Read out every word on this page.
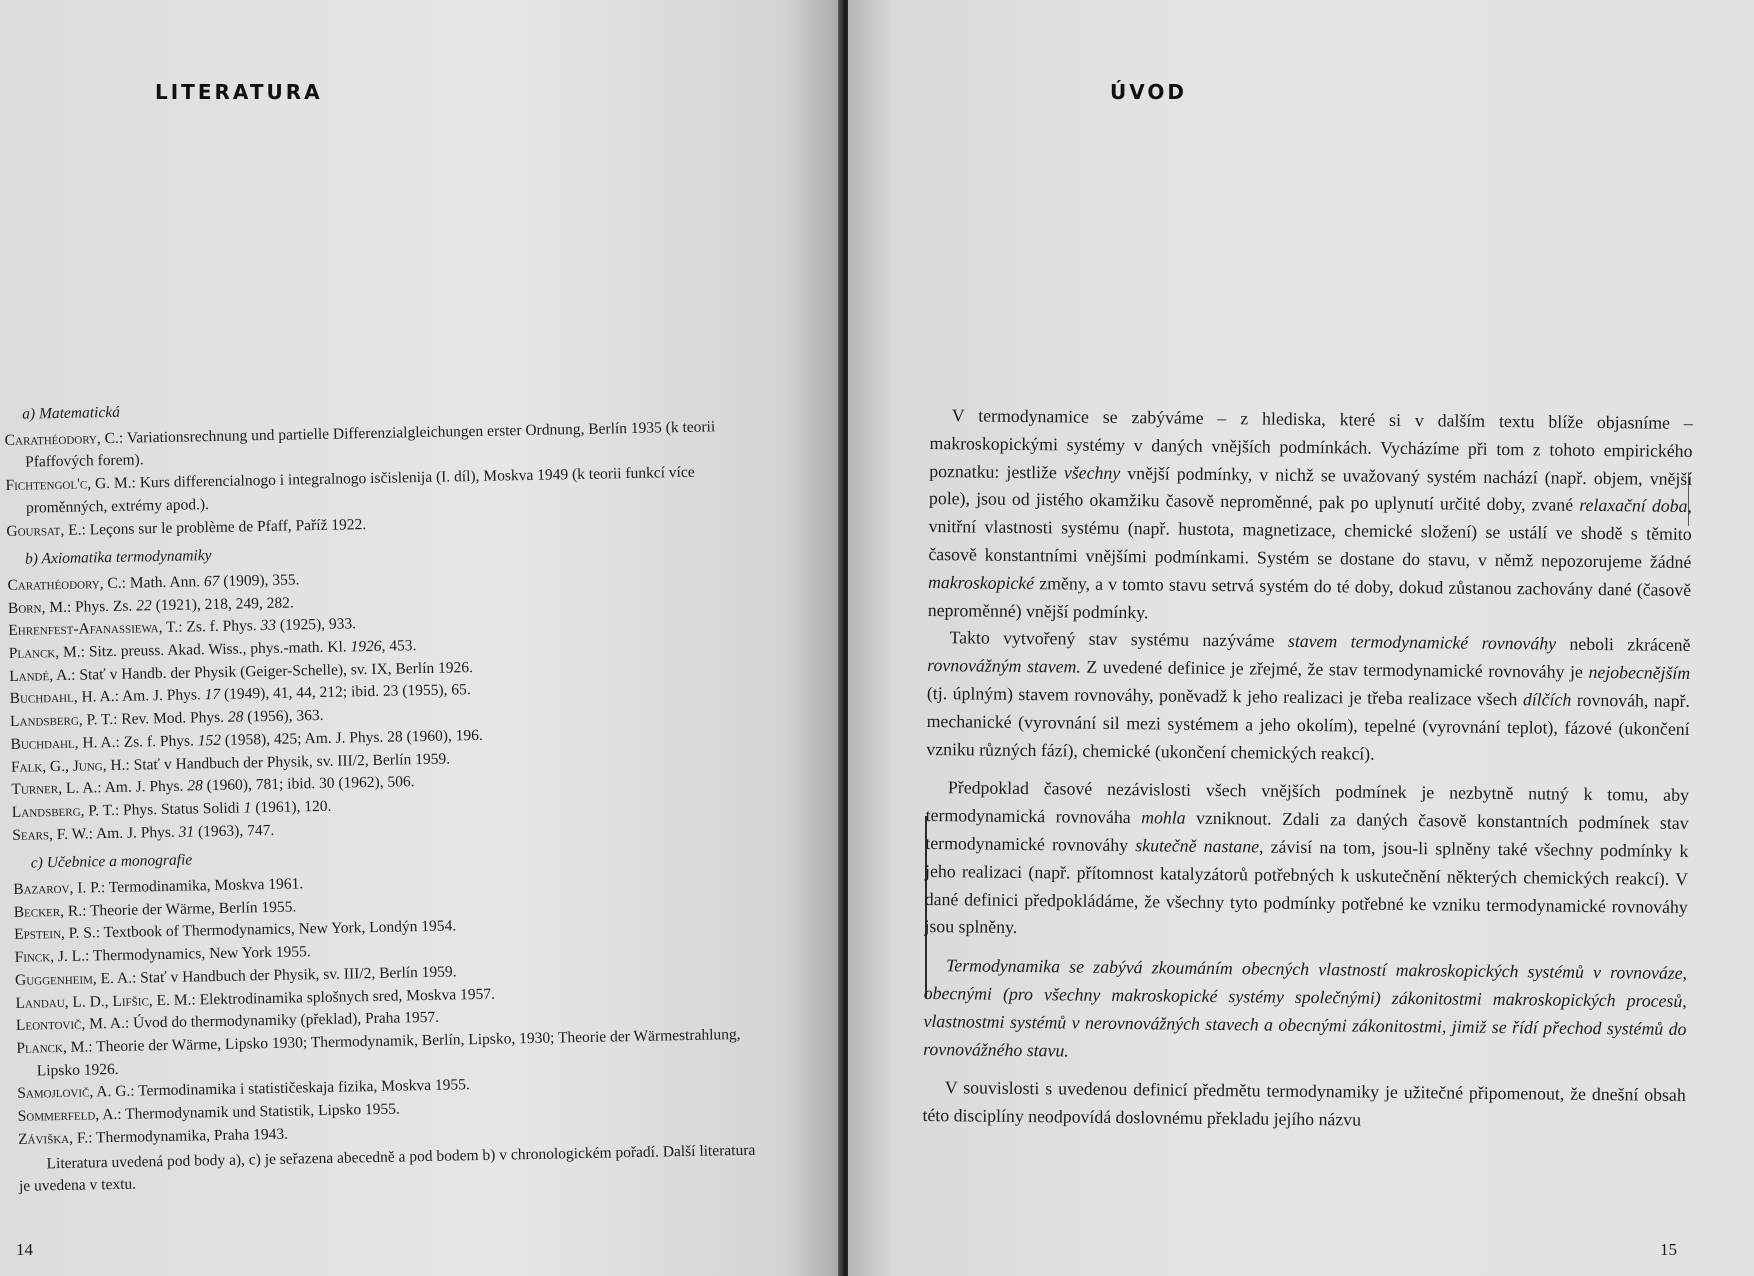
LITERATURA
a) Matematická
Carathéodory, C.: Variationsrechnung und partielle Differenzialgleichungen erster Ordnung, Berlín 1935 (k teorii Pfaffových forem).
Fichtengol'c, G. M.: Kurs differencialnogo i integralnogo isčislenija (I. díl), Moskva 1949 (k teorii funkcí více proměnných, extrémy apod.).
Goursat, E.: Leçons sur le problème de Pfaff, Paříž 1922.
b) Axiomatika termodynamiky
Carathéodory, C.: Math. Ann. 67 (1909), 355.
Born, M.: Phys. Zs. 22 (1921), 218, 249, 282.
Ehrenfest-Afanassiewa, T.: Zs. f. Phys. 33 (1925), 933.
Planck, M.: Sitz. preuss. Akad. Wiss., phys.-math. Kl. 1926, 453.
Landé, A.: Stať v Handb. der Physik (Geiger-Schelle), sv. IX, Berlín 1926.
Buchdahl, H. A.: Am. J. Phys. 17 (1949), 41, 44, 212; ibid. 23 (1955), 65.
Landsberg, P. T.: Rev. Mod. Phys. 28 (1956), 363.
Buchdahl, H. A.: Zs. f. Phys. 152 (1958), 425; Am. J. Phys. 28 (1960), 196.
Falk, G., Jung, H.: Stať v Handbuch der Physik, sv. III/2, Berlín 1959.
Turner, L. A.: Am. J. Phys. 28 (1960), 781; ibid. 30 (1962), 506.
Landsberg, P. T.: Phys. Status Solidi 1 (1961), 120.
Sears, F. W.: Am. J. Phys. 31 (1963), 747.
c) Učebnice a monografie
Bazarov, I. P.: Termodinamika, Moskva 1961.
Becker, R.: Theorie der Wärme, Berlín 1955.
Epstein, P. S.: Textbook of Thermodynamics, New York, Londýn 1954.
Finck, J. L.: Thermodynamics, New York 1955.
Guggenheim, E. A.: Stať v Handbuch der Physik, sv. III/2, Berlín 1959.
Landau, L. D., Lifšic, E. M.: Elektrodinamika splošnych sred, Moskva 1957.
Leontovič, M. A.: Úvod do thermodynamiky (překlad), Praha 1957.
Planck, M.: Theorie der Wärme, Lipsko 1930; Thermodynamik, Berlín, Lipsko, 1930; Theorie der Wärmestrahlung, Lipsko 1926.
Samojlovič, A. G.: Termodinamika i statističeskaja fizika, Moskva 1955.
Sommerfeld, A.: Thermodynamik und Statistik, Lipsko 1955.
Záviška, F.: Thermodynamika, Praha 1943.
Literatura uvedená pod body a), c) je seřazena abecedně a pod bodem b) v chronologickém pořadí. Další literatura je uvedena v textu.
14
ÚVOD
15

V termodynamice se zabýváme – z hlediska, které si v dalším textu blíže objasníme – makroskopickými systémy v daných vnějších podmínkách. Vycházíme při tom z tohoto empirického poznatku: jestliže všechny vnější podmínky, v nichž se uvažovaný systém nachází (např. objem, vnější pole), jsou od jistého okamžiku časově neproměnné, pak po uplynutí určité doby, zvané relaxační doba, vnitřní vlastnosti systému (např. hustota, magnetizace, chemické složení) se ustálí ve shodě s těmito časově konstantními vnějšími podmínkami. Systém se dostane do stavu, v němž nepozorujeme žádné makroskopické změny, a v tomto stavu setrvá systém do té doby, dokud zůstanou zachovány dané (časově neproměnné) vnější podmínky.

Takto vytvořený stav systému nazýváme stavem termodynamické rovnováhy neboli zkráceně rovnovážným stavem. Z uvedené definice je zřejmé, že stav termodynamické rovnováhy je nejobecnějším (tj. úplným) stavem rovnováhy, poněvadž k jeho realizaci je třeba realizace všech dílčích rovnováh, např. mechanické (vyrovnání sil mezi systémem a jeho okolím), tepelné (vyrovnání teplot), fázové (ukončení vzniku různých fází), chemické (ukončení chemických reakcí).

Předpoklad časové nezávislosti všech vnějších podmínek je nezbytně nutný k tomu, aby termodynamická rovnováha mohla vzniknout. Zdali za daných časově konstantních podmínek stav termodynamické rovnováhy skutečně nastane, závisí na tom, jsou-li splněny také všechny podmínky k jeho realizaci (např. přítomnost katalyzátorů potřebných k uskutečnění některých chemických reakcí). V dané definici předpokládáme, že všechny tyto podmínky potřebné ke vzniku termodynamické rovnováhy jsou splněny.

Termodynamika se zabývá zkoumáním obecných vlastností makroskopických systémů v rovnováze, obecnými (pro všechny makroskopické systémy společnými) zákonitostmi makroskopických procesů, vlastnostmi systémů v nerovnovážných stavech a obecnými zákonitostmi, jimiž se řídí přechod systémů do rovnovážného stavu.

V souvislosti s uvedenou definicí předmětu termodynamiky je užitečné připomenout, že dnešní obsah této disciplíny neodpovídá doslovnému překladu jejího názvu
